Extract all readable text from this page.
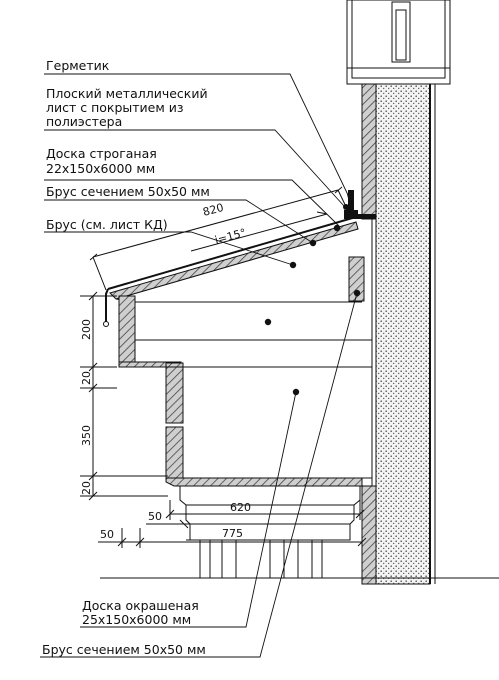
Герметик
Плоский металлический
лист с покрытием из
полиэстера
Доска строганая
22х150х6000 мм
Брус сечением 50х50 мм
Брус (см. лист КД)
Доска окрашеная
25х150х6000 мм
Брус сечением 50х50 мм
820
i=15°
200
20
350
20
620
50
775
50
